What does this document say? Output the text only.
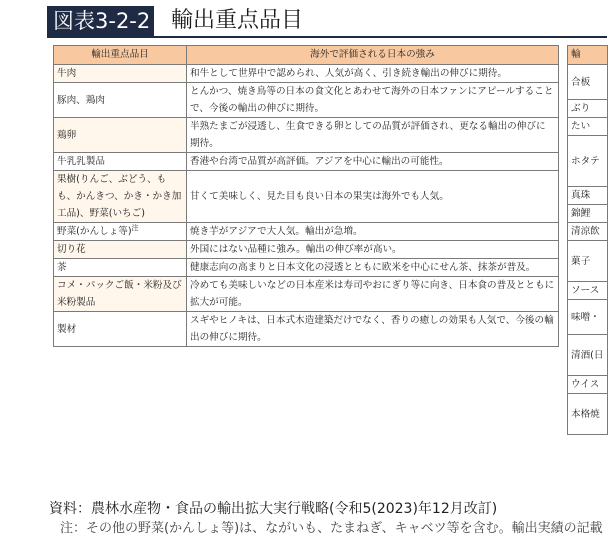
図表3-2-2 輸出重点品目
輸出重点品目	海外で評価される日本の強み
牛肉	和牛として世界中で認められ、人気が高く、引き続き輸出の伸びに期待。
豚肉、鶏肉	とんかつ、焼き鳥等の日本の食文化とあわせて海外の日本ファンにアピールすることで、今後の輸出の伸びに期待。
鶏卵	半熟たまごが浸透し、生食できる卵としての品質が評価され、更なる輸出の伸びに期待。
牛乳乳製品	香港や台湾で品質が高評価。アジアを中心に輸出の可能性。
果樹(りんご、ぶどう、もも、かんきつ、かき・かき加工品)、野菜(いちご)	甘くて美味しく、見た目も良い日本の果実は海外でも人気。
野菜(かんしょ等)$^注$	焼き芋がアジアで大人気。輸出が急増。
切り花	外国にはない品種に強み。輸出の伸び率が高い。
茶	健康志向の高まりと日本文化の浸透とともに欧米を中心にせん茶、抹茶が普及。
コメ・パックご飯・米粉及び米粉製品	冷めても美味しいなどの日本産米は寿司やおにぎり等に向き、日本食の普及とともに拡大が可能。
製材	スギやヒノキは、日本式木造建築だけでなく、香りの癒しの効果も人気で、今後の輸出の伸びに期待。
輸
合板
ぶり
たい
ホタテ
真珠
錦鯉
清涼飲
菓子
ソース
味噌・
清酒(日
ウイス
本格焼
資料：農林水産物・食品の輸出拡大実行戦略(令和5(2023)年12月改訂)
注：その他の野菜(かんしょ等)は、ながいも、たまねぎ、キャベツ等を含む。輸出実績の記載
